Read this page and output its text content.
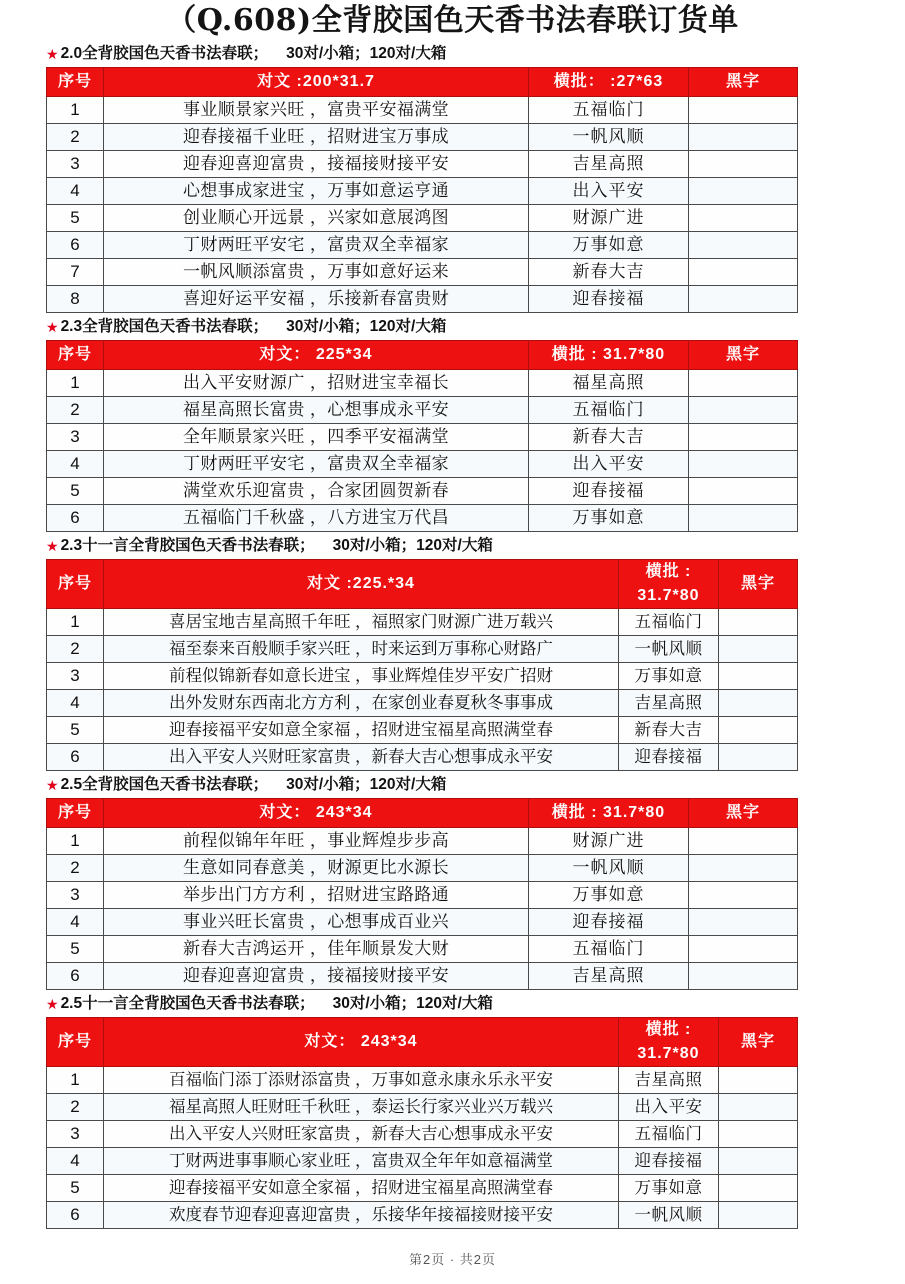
（Q.608)全背胶国色天香书法春联订货单
★ 2.0全背胶国色天香书法春联； 30对/小箱；120对/大箱
序号	对文 :200*31.7	横批： :27*63	黑字
1	事业顺景家兴旺 ，富贵平安福满堂	五福临门	
2	迎春接福千业旺 ，招财进宝万事成	一帆风顺	
3	迎春迎喜迎富贵 ，接福接财接平安	吉星高照	
4	心想事成家进宝 ，万事如意运亨通	出入平安	
5	创业顺心开远景 ，兴家如意展鸿图	财源广进	
6	丁财两旺平安宅 ，富贵双全幸福家	万事如意	
7	一帆风顺添富贵 ，万事如意好运来	新春大吉	
8	喜迎好运平安福 ，乐接新春富贵财	迎春接福	
★ 2.3全背胶国色天香书法春联； 30对/小箱；120对/大箱
序号	对文： 225*34	横批 : 31.7*80	黑字
1	出入平安财源广 ，招财进宝幸福长	福星高照	
2	福星高照长富贵 ，心想事成永平安	五福临门	
3	全年顺景家兴旺 ，四季平安福满堂	新春大吉	
4	丁财两旺平安宅 ，富贵双全幸福家	出入平安	
5	满堂欢乐迎富贵 ，合家团圆贺新春	迎春接福	
6	五福临门千秋盛 ，八方进宝万代昌	万事如意	
★ 2.3十一言全背胶国色天香书法春联； 30对/小箱；120对/大箱
序号	对文 :225.*34	横批 : 31.7*80	黑字
1	喜居宝地吉星高照千年旺 ，福照家门财源广进万载兴	五福临门	
2	福至泰来百般顺手家兴旺 ，时来运到万事称心财路广	一帆风顺	
3	前程似锦新春如意长进宝 ，事业辉煌佳岁平安广招财	万事如意	
4	出外发财东西南北方方利 ，在家创业春夏秋冬事事成	吉星高照	
5	迎春接福平安如意全家福 ，招财进宝福星高照满堂春	新春大吉	
6	出入平安人兴财旺家富贵 ，新春大吉心想事成永平安	迎春接福	
★ 2.5全背胶国色天香书法春联； 30对/小箱；120对/大箱
序号	对文： 243*34	横批 : 31.7*80	黑字
1	前程似锦年年旺 ，事业辉煌步步高	财源广进	
2	生意如同春意美 ，财源更比水源长	一帆风顺	
3	举步出门方方利 ，招财进宝路路通	万事如意	
4	事业兴旺长富贵 ，心想事成百业兴	迎春接福	
5	新春大吉鸿运开 ，佳年顺景发大财	五福临门	
6	迎春迎喜迎富贵 ，接福接财接平安	吉星高照	
★ 2.5十一言全背胶国色天香书法春联； 30对/小箱；120对/大箱
序号	对文： 243*34	横批 : 31.7*80	黑字
1	百福临门添丁添财添富贵 ，万事如意永康永乐永平安	吉星高照	
2	福星高照人旺财旺千秋旺 ，泰运长行家兴业兴万载兴	出入平安	
3	出入平安人兴财旺家富贵 ，新春大吉心想事成永平安	五福临门	
4	丁财两进事事顺心家业旺 ，富贵双全年年如意福满堂	迎春接福	
5	迎春接福平安如意全家福 ，招财进宝福星高照满堂春	万事如意	
6	欢度春节迎春迎喜迎富贵 ，乐接华年接福接财接平安	一帆风顺	
第2页 · 共2页
